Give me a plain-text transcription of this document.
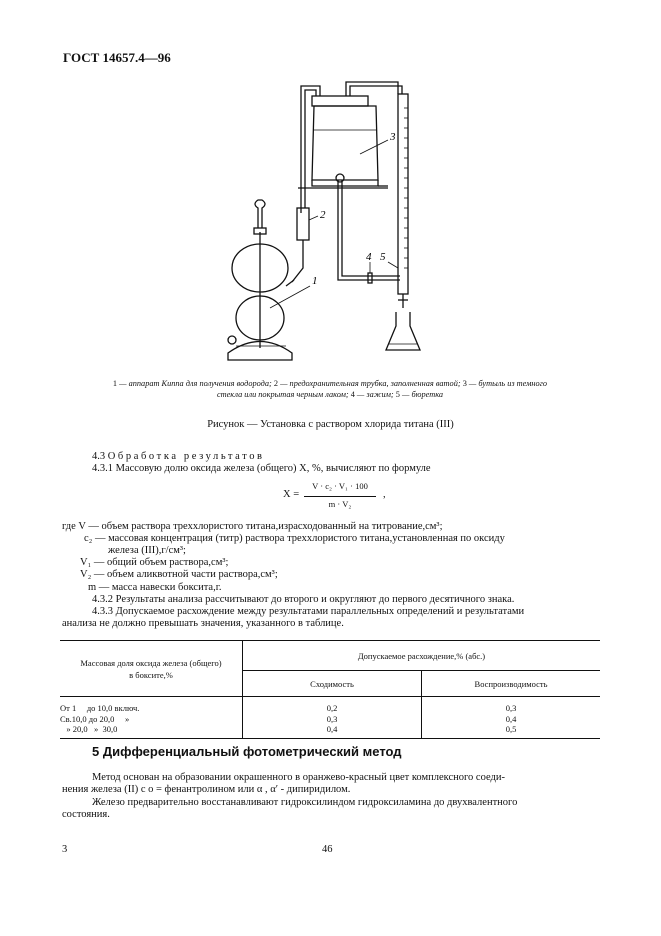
ГОСТ 14657.4—96
1
2
3
4 5
1 — аппарат Киппа для получения водорода; 2 — предохранительная трубка, заполненная ватой; 3 — бутыль из темного
стекла или покрытая черным лаком; 4 — зажим; 5 — бюретка
Рисунок — Установка с раствором хлорида титана (III)
4.3 Обработка результатов
4.3.1 Массовую долю оксида железа (общего) X, %, вычисляют по формуле
X =
V · c₂ · V₁ · 100
m · V₂
,
где V — объем раствора треххлористого титана,израсходованный на титрование,см³;
c₂ — массовая концентрация (титр) раствора треххлористого титана,установленная по оксиду
железа (III),г/см³;
V₁ — общий объем раствора,см³;
V₂ — объем аликвотной части раствора,см³;
m — масса навески боксита,г.
4.3.2 Результаты анализа рассчитывают до второго и округляют до первого десятичного знака.
4.3.3 Допускаемое расхождение между результатами параллельных определений и результатами
анализа не должно превышать значения, указанного в таблице.
Массовая доля оксида железа (общего)
в боксите,%	Допускаемое расхождение,% (абс.)	
	Сходимость	Воспроизводимость
От 1     до 10,0 включ.	0,2	0,3
Св.10,0 до 20,0     »	0,3	0,4
» 20,0   »  30,0	0,4	0,5
5 Дифференциальный фотометрический метод
Метод основан на образовании окрашенного в оранжево-красный цвет комплексного соеди-
нения железа (II) с o = фенантролином или α , α′ - дипиридилом.
Железо предварительно восстанавливают гидроксилиндом гидроксиламина до двухвалентного
состояния.
3	46
